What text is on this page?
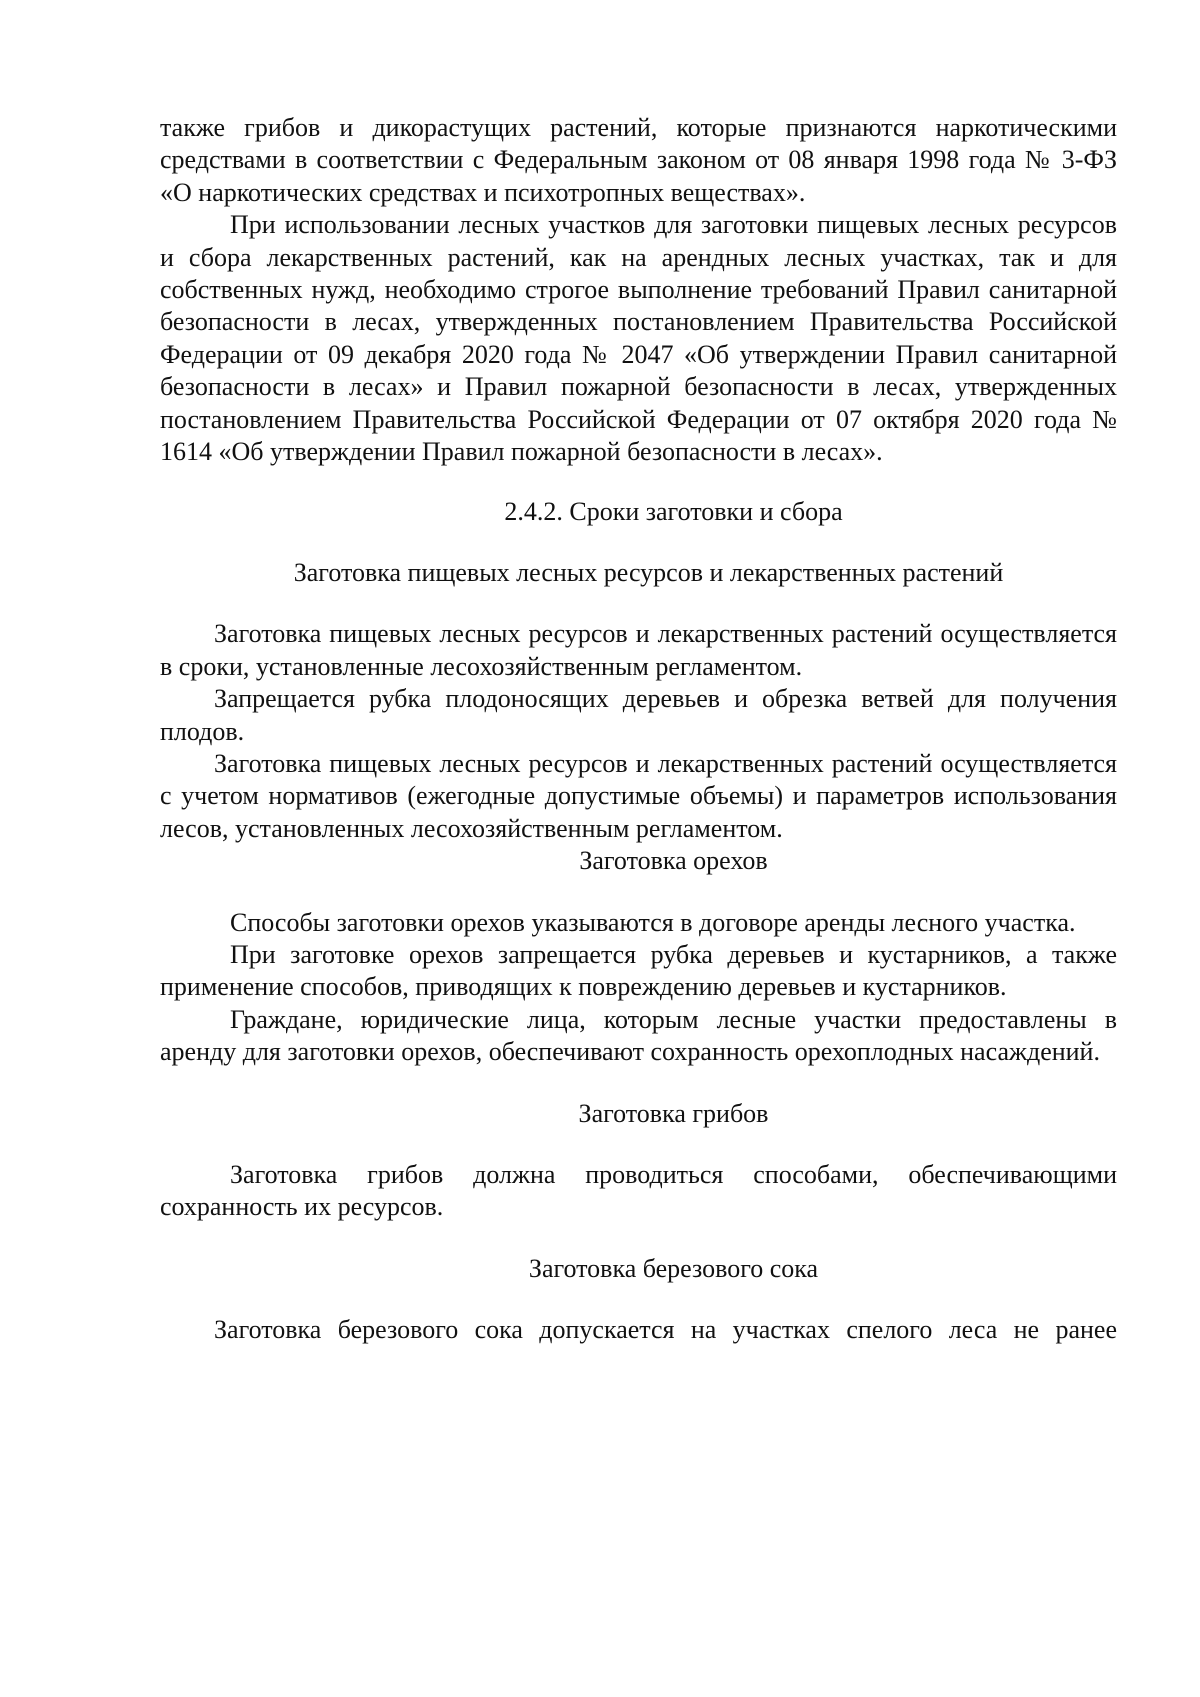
также грибов и дикорастущих растений, которые признаются наркотическими средствами в соответствии с Федеральным законом от 08 января 1998 года № 3-ФЗ «О наркотических средствах и психотропных веществах».

При использовании лесных участков для заготовки пищевых лесных ресурсов и сбора лекарственных растений, как на арендных лесных участках, так и для собственных нужд, необходимо строгое выполнение требований Правил санитарной безопасности в лесах, утвержденных постановлением Правительства Российской Федерации от 09 декабря 2020 года № 2047 «Об утверждении Правил санитарной безопасности в лесах» и Правил пожарной безопасности в лесах, утвержденных постановлением Правительства Российской Федерации от 07 октября 2020 года № 1614 «Об утверждении Правил пожарной безопасности в лесах».

2.4.2. Сроки заготовки и сбора
Заготовка пищевых лесных ресурсов и лекарственных растений

Заготовка пищевых лесных ресурсов и лекарственных растений осуществляется в сроки, установленные лесохозяйственным регламентом.

Запрещается рубка плодоносящих деревьев и обрезка ветвей для получения плодов.

Заготовка пищевых лесных ресурсов и лекарственных растений осуществляется с учетом нормативов (ежегодные допустимые объемы) и параметров использования лесов, установленных лесохозяйственным регламентом.

Заготовка орехов

Способы заготовки орехов указываются в договоре аренды лесного участка.

При заготовке орехов запрещается рубка деревьев и кустарников, а также применение способов, приводящих к повреждению деревьев и кустарников.

Граждане, юридические лица, которым лесные участки предоставлены в аренду для заготовки орехов, обеспечивают сохранность орехоплодных насаждений.

Заготовка грибов

Заготовка грибов должна проводиться способами, обеспечивающими сохранность их ресурсов.

Заготовка березового сока

Заготовка березового сока допускается на участках спелого леса не ранее
